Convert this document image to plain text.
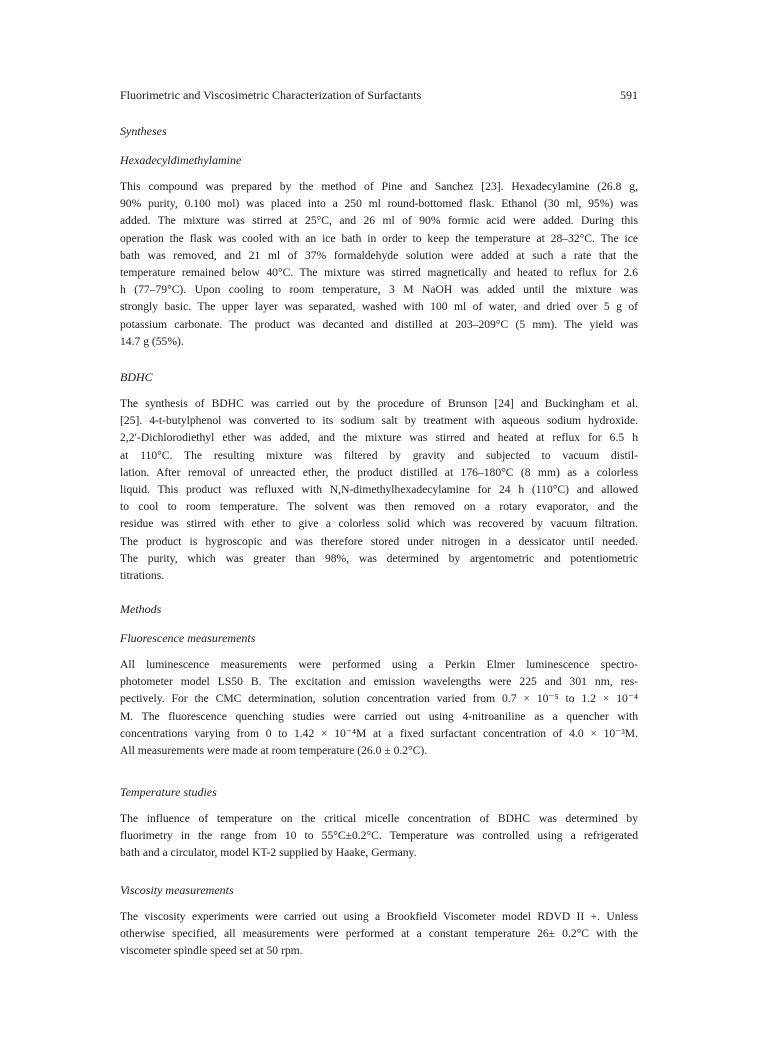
Fluorimetric and Viscosimetric Characterization of Surfactants	591

Syntheses

Hexadecyldimethylamine

This compound was prepared by the method of Pine and Sanchez [23]. Hexadecylamine (26.8 g,
90% purity, 0.100 mol) was placed into a 250 ml round-bottomed flask. Ethanol (30 ml, 95%) was
added. The mixture was stirred at 25°C, and 26 ml of 90% formic acid were added. During this
operation the flask was cooled with an ice bath in order to keep the temperature at 28–32°C. The ice
bath was removed, and 21 ml of 37% formaldehyde solution were added at such a rate that the
temperature remained below 40°C. The mixture was stirred magnetically and heated to reflux for 2.6
h (77–79°C). Upon cooling to room temperature, 3 M NaOH was added until the mixture was
strongly basic. The upper layer was separated, washed with 100 ml of water, and dried over 5 g of
potassium carbonate. The product was decanted and distilled at 203–209°C (5 mm). The yield was
14.7 g (55%).

BDHC

The synthesis of BDHC was carried out by the procedure of Brunson [24] and Buckingham et al.
[25]. 4-t-butylphenol was converted to its sodium salt by treatment with aqueous sodium hydroxide.
2,2′-Dichlorodiethyl ether was added, and the mixture was stirred and heated at reflux for 6.5 h
at 110°C. The resulting mixture was filtered by gravity and subjected to vacuum distil-
lation. After removal of unreacted ether, the product distilled at 176–180°C (8 mm) as a colorless
liquid. This product was refluxed with N,N-dimethylhexadecylamine for 24 h (110°C) and allowed
to cool to room temperature. The solvent was then removed on a rotary evaporator, and the
residue was stirred with ether to give a colorless solid which was recovered by vacuum filtration.
The product is hygroscopic and was therefore stored under nitrogen in a dessicator until needed.
The purity, which was greater than 98%, was determined by argentometric and potentiometric
titrations.

Methods

Fluorescence measurements

All luminescence measurements were performed using a Perkin Elmer luminescence spectro-
photometer model LS50 B. The excitation and emission wavelengths were 225 and 301 nm, res-
pectively. For the CMC determination, solution concentration varied from 0.7 × 10⁻⁵ to 1.2 × 10⁻⁴
M. The fluorescence quenching studies were carried out using 4-nitroaniline as a quencher with
concentrations varying from 0 to 1.42 × 10⁻⁴M at a fixed surfactant concentration of 4.0 × 10⁻³M.
All measurements were made at room temperature (26.0 ± 0.2°C).

Temperature studies

The influence of temperature on the critical micelle concentration of BDHC was determined by
fluorimetry in the range from 10 to 55°C±0.2°C. Temperature was controlled using a refrigerated
bath and a circulator, model KT-2 supplied by Haake, Germany.

Viscosity measurements

The viscosity experiments were carried out using a Brookfield Viscometer model RDVD II +. Unless
otherwise specified, all measurements were performed at a constant temperature 26± 0.2°C with the
viscometer spindle speed set at 50 rpm.
